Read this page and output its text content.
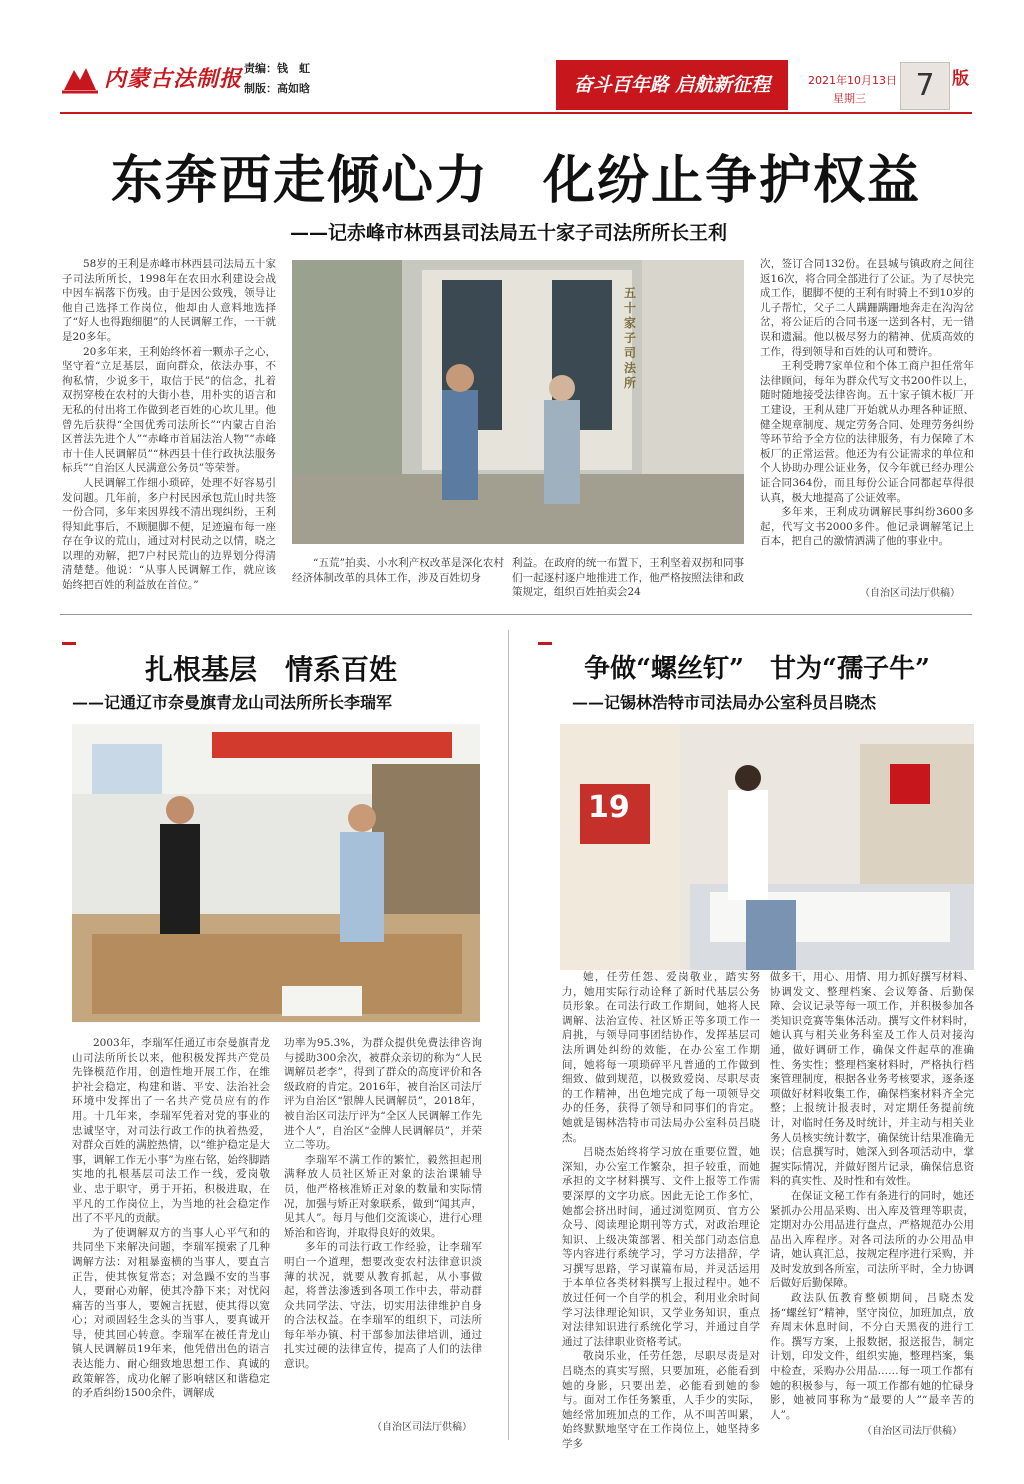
内蒙古法制报 责编：钱　虹
制版：高如晗	奋斗百年路 启航新征程	2021年10月13日
星期三	7	版
东奔西走倾心力　化纷止争护权益
——记赤峰市林西县司法局五十家子司法所所长王利

58岁的王利是赤峰市林西县司法局五十家子司法所所长，1998年在农田水利建设会战中因车祸落下伤残。由于是因公致残，领导让他自己选择工作岗位，他却由人意料地选择了“好人也得跑细腿”的人民调解工作，一干就是20多年。

20多年来，王利始终怀着一颗赤子之心，坚守着“立足基层，面向群众，依法办事，不徇私情，少说多干，取信于民”的信念，扎着双拐穿梭在农村的大街小巷，用朴实的语言和无私的付出将工作做到老百姓的心坎儿里。他曾先后获得“全国优秀司法所长”“内蒙古自治区普法先进个人”“赤峰市首届法治人物”“赤峰市十佳人民调解员”“林西县十佳行政执法服务标兵”“自治区人民满意公务员”等荣誉。

人民调解工作细小琐碎，处理不好容易引发问题。几年前，多户村民因承包荒山时共签一份合同，多年来因界线不清出现纠纷，王利得知此事后，不顾腿脚不便，足迹遍布每一座存在争议的荒山，通过对村民动之以情，晓之以理的劝解，把7户村民荒山的边界划分得清清楚楚。他说：“从事人民调解工作，就应该始终把百姓的利益放在首位。”

五十家子司法所

“五荒”拍卖、小水利产权改革是深化农村经济体制改革的具体工作，涉及百姓切身

利益。在政府的统一布置下，王利坚着双拐和同事们一起逐村逐户地推进工作，他严格按照法律和政策规定，组织百姓拍卖会24

次，签订合同132份。在县城与镇政府之间往返16次，将合同全部进行了公证。为了尽快完成工作，腿脚不便的王利有时骑上不到10岁的儿子帮忙，父子二人蹒跚蹒跚地奔走在沟沟岔岔，将公证后的合同书逐一送到各村，无一错误和遗漏。他以极尽努力的精神、优质高效的工作，得到领导和百姓的认可和赞许。

王利受聘7家单位和个体工商户担任常年法律顾问，每年为群众代写文书200件以上，随时随地接受法律咨询。五十家子镇木板厂开工建设，王利从建厂开始就从办理各种证照、健全规章制度、规定劳务合同、处理劳务纠纷等环节给予全方位的法律服务，有力保障了木板厂的正常运营。他还为有公证需求的单位和个人协助办理公证业务，仅今年就已经办理公证合同364份，而且每份公证合同都起草得很认真，极大地提高了公证效率。

多年来，王利成功调解民事纠纷3600多起，代写文书2000多件。他记录调解笔记上百本，把自己的激情洒满了他的事业中。

（自治区司法厅供稿）
扎根基层　情系百姓
——记通辽市奈曼旗青龙山司法所所长李瑞军

2003年，李瑞军任通辽市奈曼旗青龙山司法所所长以来，他积极发挥共产党员先锋模范作用，创造性地开展工作，在维护社会稳定，构建和谐、平安、法治社会环境中发挥出了一名共产党员应有的作用。十几年来，李瑞军凭着对党的事业的忠诚坚守，对司法行政工作的执着热爱，对群众百姓的满腔热情，以“维护稳定是大事，调解工作无小事”为座右铭，始终脚踏实地的扎根基层司法工作一线，爱岗敬业、忠于职守，勇于开拓，积极进取，在平凡的工作岗位上，为当地的社会稳定作出了不平凡的贡献。

为了使调解双方的当事人心平气和的共同坐下来解决问题，李瑞军摸索了几种调解方法：对粗暴蛮横的当事人，要直言正告，使其恢复常态；对急躁不安的当事人，要耐心劝解，使其冷静下来；对忧闷痛苦的当事人，要婉言抚慰，使其得以宽心；对顽固轻生念头的当事人，要真诚开导，使其回心转意。李瑞军在被任青龙山镇人民调解员19年来，他凭借出色的语言表达能力、耐心细致地思想工作、真诚的政策解答，成功化解了影响辖区和谐稳定的矛盾纠纷1500余件，调解成

功率为95.3%，为群众提供免费法律咨询与援助300余次，被群众亲切的称为“人民调解员老李”，得到了群众的高度评价和各级政府的肯定。2016年，被自治区司法厅评为自治区“银牌人民调解员”，2018年，被自治区司法厅评为“全区人民调解工作先进个人”，自治区“金牌人民调解员”，并荣立二等功。

李瑞军不满工作的繁忙，毅然担起刑满释放人员社区矫正对象的法治课辅导员，他严格核准矫正对象的数量和实际情况，加强与矫正对象联系，做到“闻其声，见其人”。每月与他们交流谈心，进行心理矫治和咨询，并取得良好的效果。

多年的司法行政工作经验，让李瑞军明白一个道理，想要改变农村法律意识淡薄的状况，就要从教育抓起，从小事做起，将普法渗透到各项工作中去，带动群众共同学法、守法，切实用法律维护自身的合法权益。在李瑞军的组织下，司法所每年举办镇、村干部参加法律培训，通过扎实过硬的法律宣传，提高了人们的法律意识。

（自治区司法厅供稿）
争做“螺丝钉”　甘为“孺子牛”
——记锡林浩特市司法局办公室科员吕晓杰
19

她，任劳任怨、爱岗敬业，踏实努力，她用实际行动诠释了新时代基层公务员形象。在司法行政工作期间，她将人民调解、法治宣传、社区矫正等多项工作一肩挑，与领导同事团结协作，发挥基层司法所调处纠纷的效能，在办公室工作期间，她将每一项琐碎平凡普通的工作做到细致、做到规范，以极致爱岗、尽职尽责的工作精神，出色地完成了每一项领导交办的任务，获得了领导和同事们的肯定。她就是锡林浩特市司法局办公室科员吕晓杰。

吕晓杰始终将学习放在重要位置，她深知，办公室工作繁杂，担子较重，而她承担的文字材料撰写、文件上报等工作需要深厚的文字功底。因此无论工作多忙，她都会挤出时间，通过浏览网页、官方公众号、阅读理论期刊等方式，对政治理论知识、上级决策部署、相关部门动态信息等内容进行系统学习，学习方法措辞，学习撰写思路，学习谋篇布局，并灵活运用于本单位各类材料撰写上报过程中。她不放过任何一个自学的机会，利用业余时间学习法律理论知识，又学业务知识，重点对法律知识进行系统化学习，并通过自学通过了法律职业资格考试。

敬岗乐业，任劳任怨，尽职尽责是对吕晓杰的真实写照，只要加班，必能看到她的身影，只要出差，必能看到她的参与。面对工作任务繁重，人手少的实际，她经常加班加点的工作，从不叫苦叫累，始终默默地坚守在工作岗位上，她坚持多学多

做多干，用心、用情、用力抓好撰写材料、协调发文、整理档案、会议筹备、后勤保障、会议记录等每一项工作，并积极参加各类知识竞赛等集体活动。撰写文件材料时，她认真与相关业务科室及工作人员对接沟通，做好调研工作，确保文件起草的准确性、务实性；整理档案材料时，严格执行档案管理制度，根据各业务考核要求，逐条逐项做好材料收集工作，确保档案材料齐全完整；上报统计报表时，对定期任务提前统计，对临时任务及时统计，并主动与相关业务人员核实统计数字，确保统计结果准确无误；信息撰写时，她深入到各项活动中，掌握实际情况，并做好图片记录，确保信息资料的真实性、及时性和有效性。

在保证文秘工作有条进行的同时，她还紧抓办公用品采购、出入库及管理等职责，定期对办公用品进行盘点，严格规范办公用品出入库程序。对各司法所的办公用品申请，她认真汇总，按规定程序进行采购，并及时发放到各所室，司法所平时，全力协调后做好后勤保障。

政法队伍教育整顿期间，吕晓杰发扬“螺丝钉”精神，坚守岗位，加班加点，放弃周末休息时间，不分白天黑夜的进行工作。撰写方案，上报数据，报送报告，制定计划，印发文件，组织实施，整理档案，集中检查，采购办公用品……每一项工作都有她的积极参与，每一项工作都有她的忙碌身影，她被同事称为“最要的人”“最辛苦的人”。

（自治区司法厅供稿）
